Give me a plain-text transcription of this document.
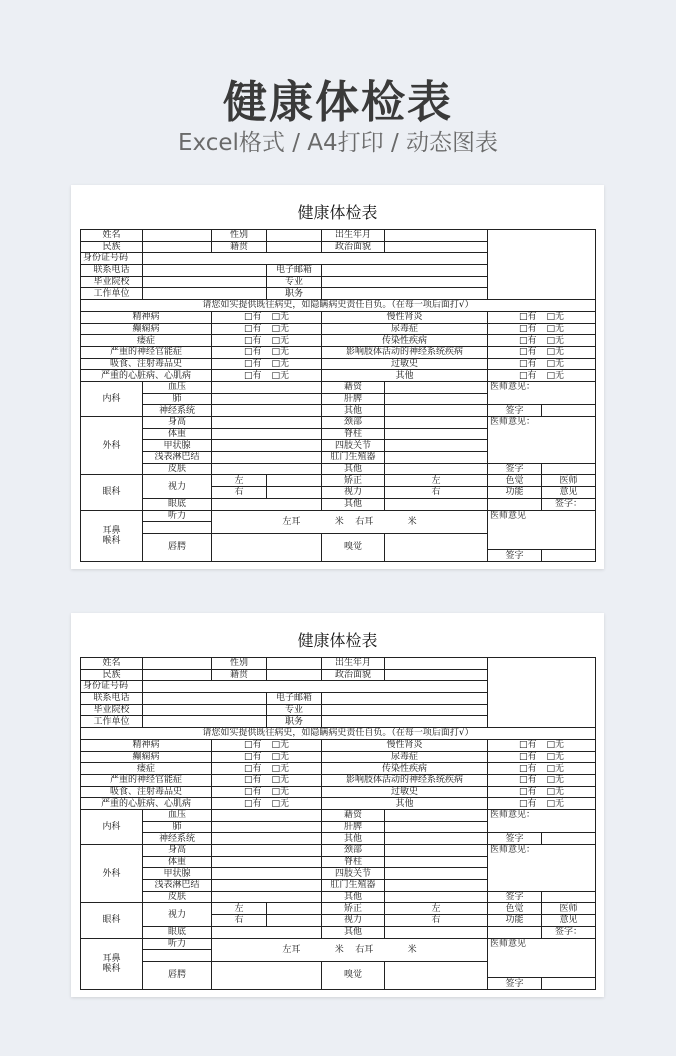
健康体检表
Excel格式 / A4打印 / 动态图表
健康体检表
姓名		性别		出生年月				
民族		籍贯		政治面貌				
身份证号码								
联系电话			电子邮箱					
毕业院校			专业					
工作单位			职务			
请您如实提供既往病史，如隐瞒病史责任自负。（在每一项后面打√）								
精神病		□有 □无		慢性肾炎		□有 □无		

癫痫病		□有 □无		尿毒症		□有 □无		

瘘症		□有 □无		传染性疾病		□有 □无		

严重的神经官能症		□有 □无		影响肢体活动的神经系统疾病		□有 □无		

吸食、注射毒品史		□有 □无		过敏史		□有 □无		

严重的心脏病、心肌病		□有 □无		其他		□有 □无		

内科	血压			藉资		医师意见：		
	肺			肝脾				
	神经系统			其他		签字		
外科	身高			颈部		医师意见：		
	体重			脊柱				
	甲状腺			四肢关节				
	浅表淋巴结			肛门生殖器				
	皮肤			其他		签字		
眼科	视力	左		矫正	左	色觉	医师	
		右		视力	右	功能	意见	
	眼底			其他			签字：	

耳鼻
喉科	听力	左耳 米 右耳 米				医师意见		

	唇腭			嗅觉				
						签字		
健康体检表
姓名		性别		出生年月				
民族		籍贯		政治面貌				
身份证号码								
联系电话			电子邮箱					
毕业院校			专业					
工作单位			职务			
请您如实提供既往病史，如隐瞒病史责任自负。（在每一项后面打√）								
精神病		□有 □无		慢性肾炎		□有 □无		

癫痫病		□有 □无		尿毒症		□有 □无		

瘘症		□有 □无		传染性疾病		□有 □无		

严重的神经官能症		□有 □无		影响肢体活动的神经系统疾病		□有 □无		

吸食、注射毒品史		□有 □无		过敏史		□有 □无		

严重的心脏病、心肌病		□有 □无		其他		□有 □无		

内科	血压			藉资		医师意见：		
	肺			肝脾				
	神经系统			其他		签字		
外科	身高			颈部		医师意见：		
	体重			脊柱				
	甲状腺			四肢关节				
	浅表淋巴结			肛门生殖器				
	皮肤			其他		签字		
眼科	视力	左		矫正	左	色觉	医师	
		右		视力	右	功能	意见	
	眼底			其他			签字：	

耳鼻
喉科	听力	左耳 米 右耳 米				医师意见		

	唇腭			嗅觉				
						签字		
